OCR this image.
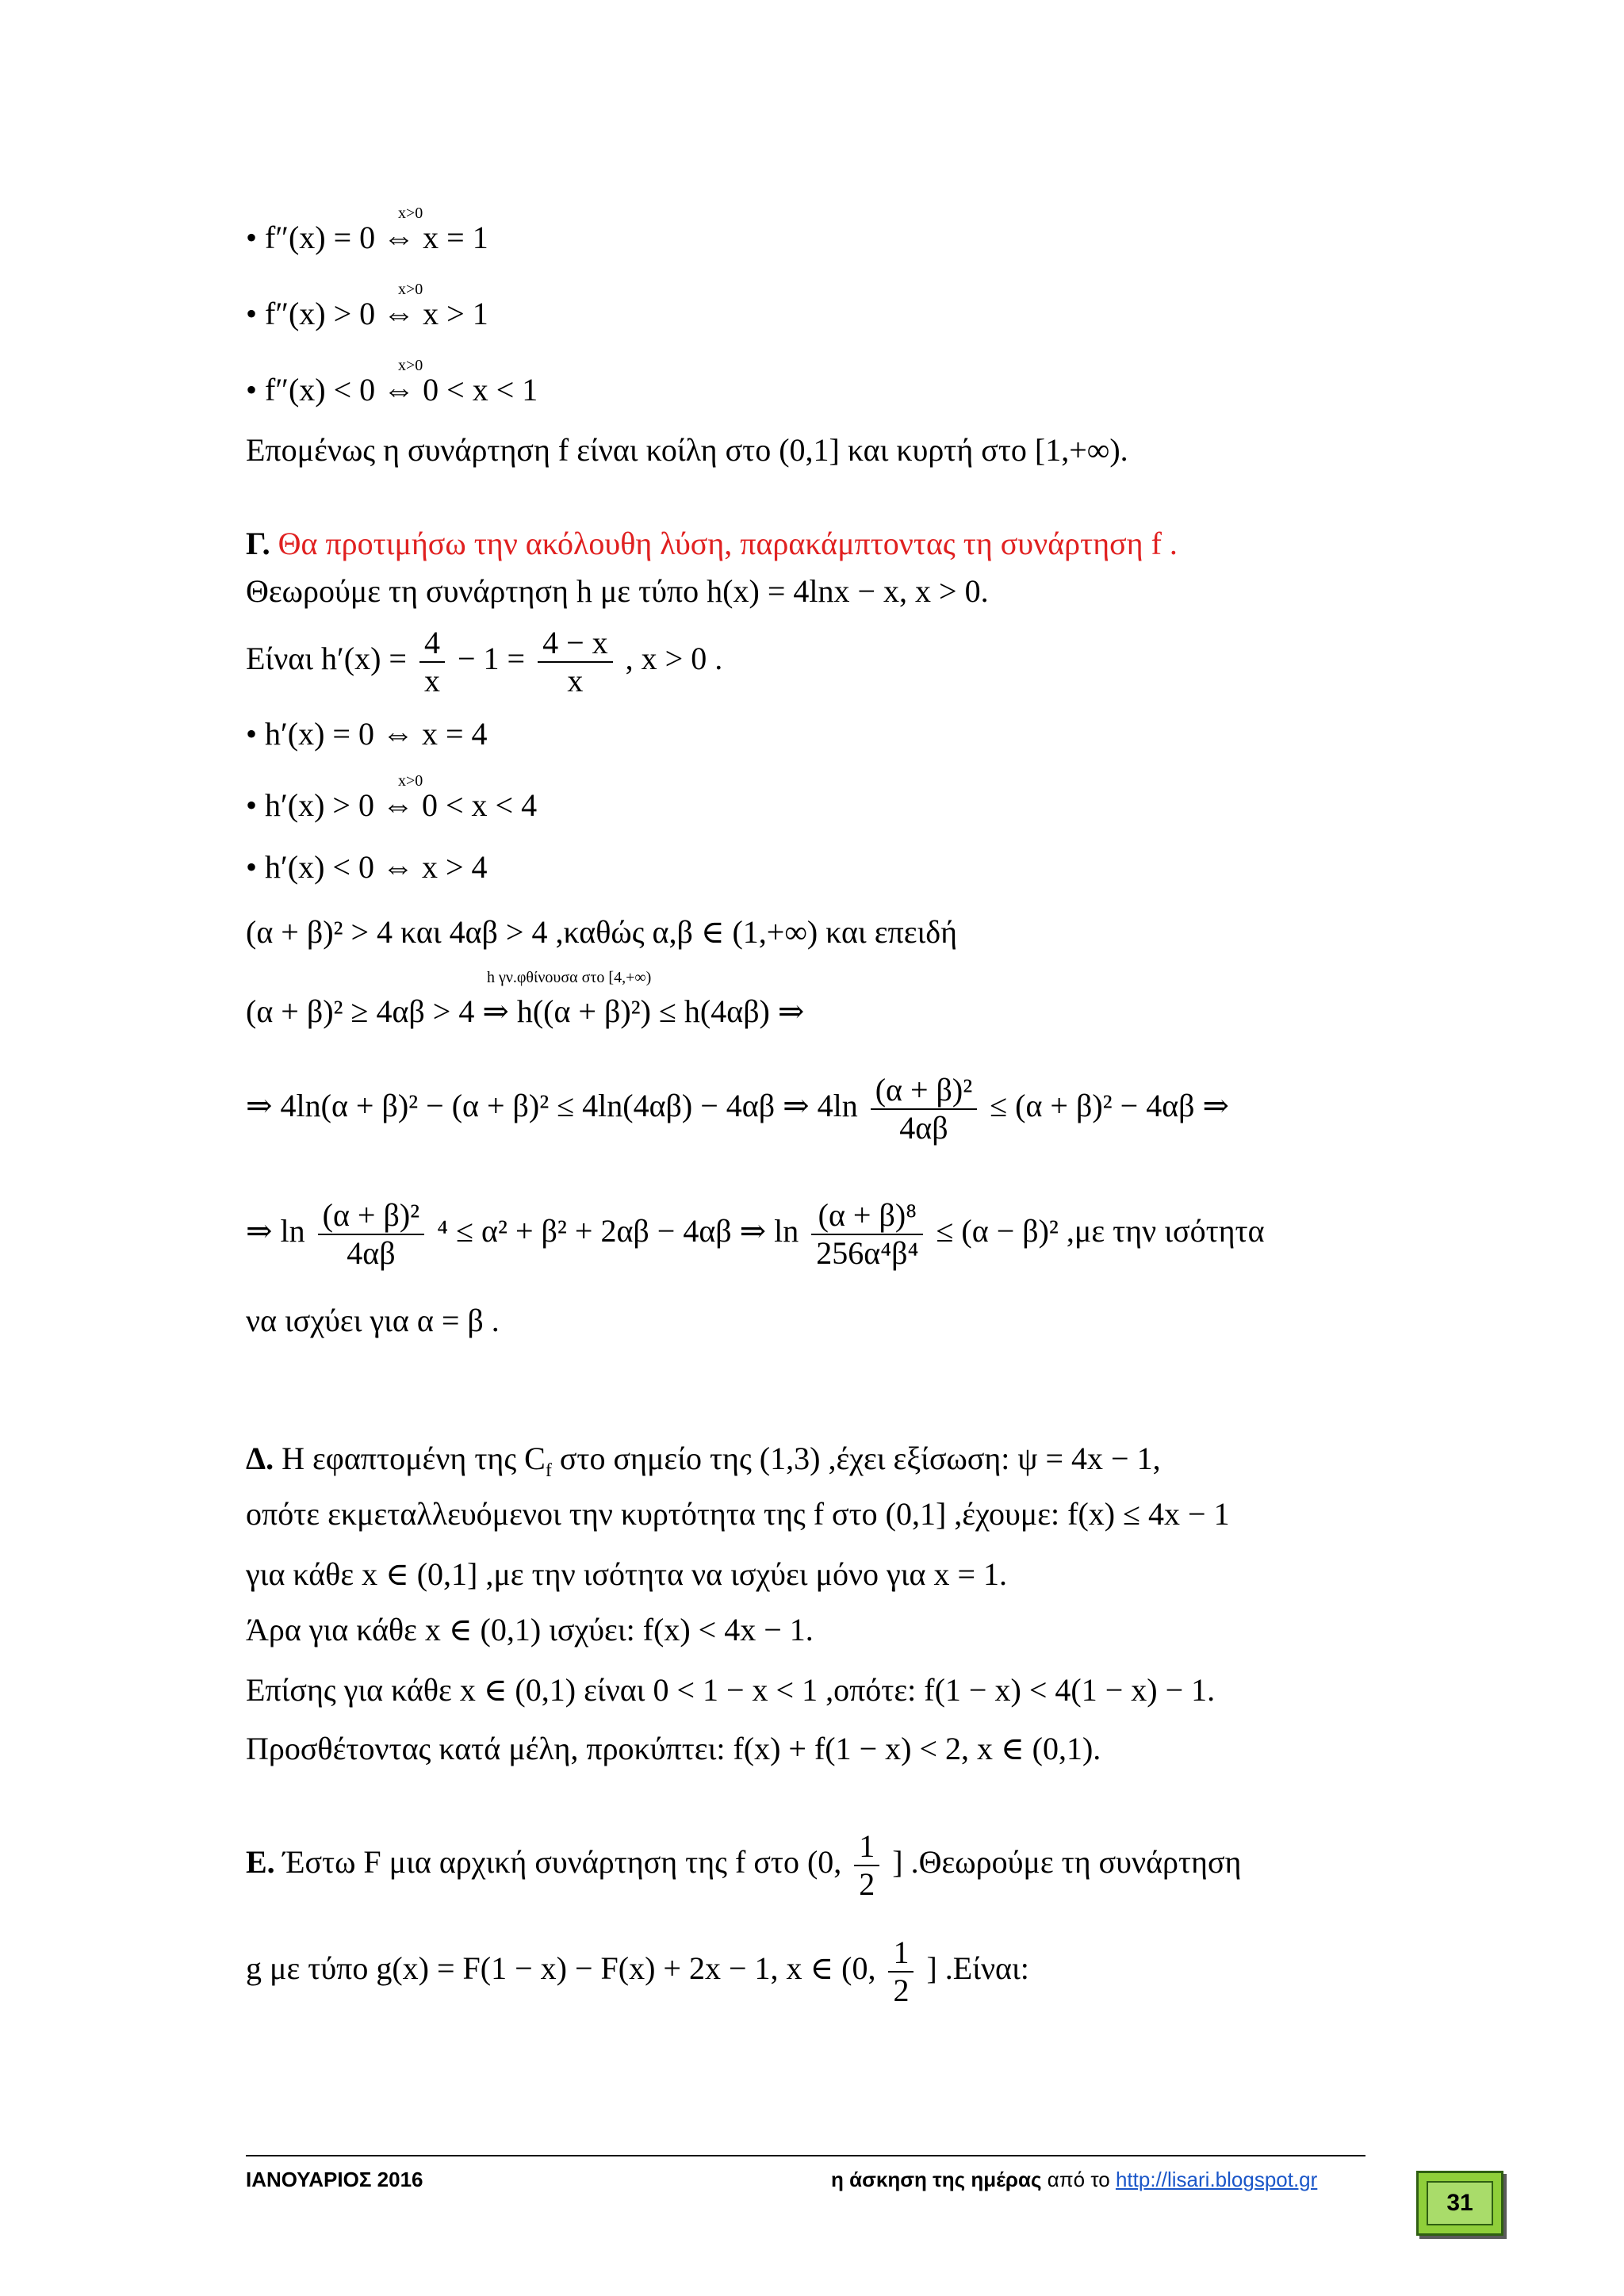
x>0
• f″(x) = 0 ⇔ x = 1
x>0
• f″(x) > 0 ⇔ x > 1
x>0
• f″(x) < 0 ⇔ 0 < x < 1
Επομένως η συνάρτηση f είναι κοίλη στο (0,1] και κυρτή στο [1,+∞).
Γ. Θα προτιμήσω την ακόλουθη λύση, παρακάμπτοντας τη συνάρτηση f .
Θεωρούμε τη συνάρτηση h με τύπο h(x) = 4lnx − x, x > 0.
Είναι $h'(x) = \frac{4}{x} - 1 = \frac{4 - x}{x}$ , x > 0 .
• h′(x) = 0 ⇔ x = 4
x>0
• h′(x) > 0 ⇔ 0 < x < 4
• h′(x) < 0 ⇔ x > 4
(α + β)² > 4 και 4αβ > 4 ,καθώς α,β ∈ (1,+∞) και επειδή
h γν.φθίνουσα στο [4,+∞)
(α + β)² ≥ 4αβ > 4 ⇒ h((α + β)²) ≤ h(4αβ) ⇒
⇒ 4ln(α + β)² − (α + β)² ≤ 4ln(4αβ) − 4αβ ⇒ $4\ln \frac{\text{(α + β)²}}{4\alpha\beta} \le (\alpha + \beta)^2 - 4\alpha\beta$ ⇒
⇒ $\ln \frac{\text{(α + β)²}}{4\alpha\beta} ^4 \le \alpha^2 + \beta^2 + 2\alpha\beta - 4\alpha\beta$ ⇒ $\ln \frac{\text{(α + β)⁸}}{\text{256α⁴β⁴}} \le (\alpha - \beta)^2$ ,με την ισότητα
να ισχύει για α = β .
Δ. Η εφαπτομένη της $C_f$ στο σημείο της (1,3) ,έχει εξίσωση: ψ = 4x − 1,
οπότε εκμεταλλευόμενοι την κυρτότητα της f στο (0,1] ,έχουμε: f(x) ≤ 4x − 1
για κάθε x ∈ (0,1] ,με την ισότητα να ισχύει μόνο για x = 1.
Άρα για κάθε x ∈ (0,1) ισχύει: f(x) < 4x − 1.
Επίσης για κάθε x ∈ (0,1) είναι 0 < 1 − x < 1 ,οπότε: f(1 − x) < 4(1 − x) − 1.
Προσθέτοντας κατά μέλη, προκύπτει: f(x) + f(1 − x) < 2, x ∈ (0,1).
Ε. Έστω F μια αρχική συνάρτηση της f στο (0, $\frac{1}{2}$ ] .Θεωρούμε τη συνάρτηση
g με τύπο g(x) = F(1 − x) − F(x) + 2x − 1, x ∈ (0, $\frac{1}{2}$ ] .Είναι:
ΙΑΝΟΥΑΡΙΟΣ 2016	η άσκηση της ημέρας από το http://lisari.blogspot.gr
31
